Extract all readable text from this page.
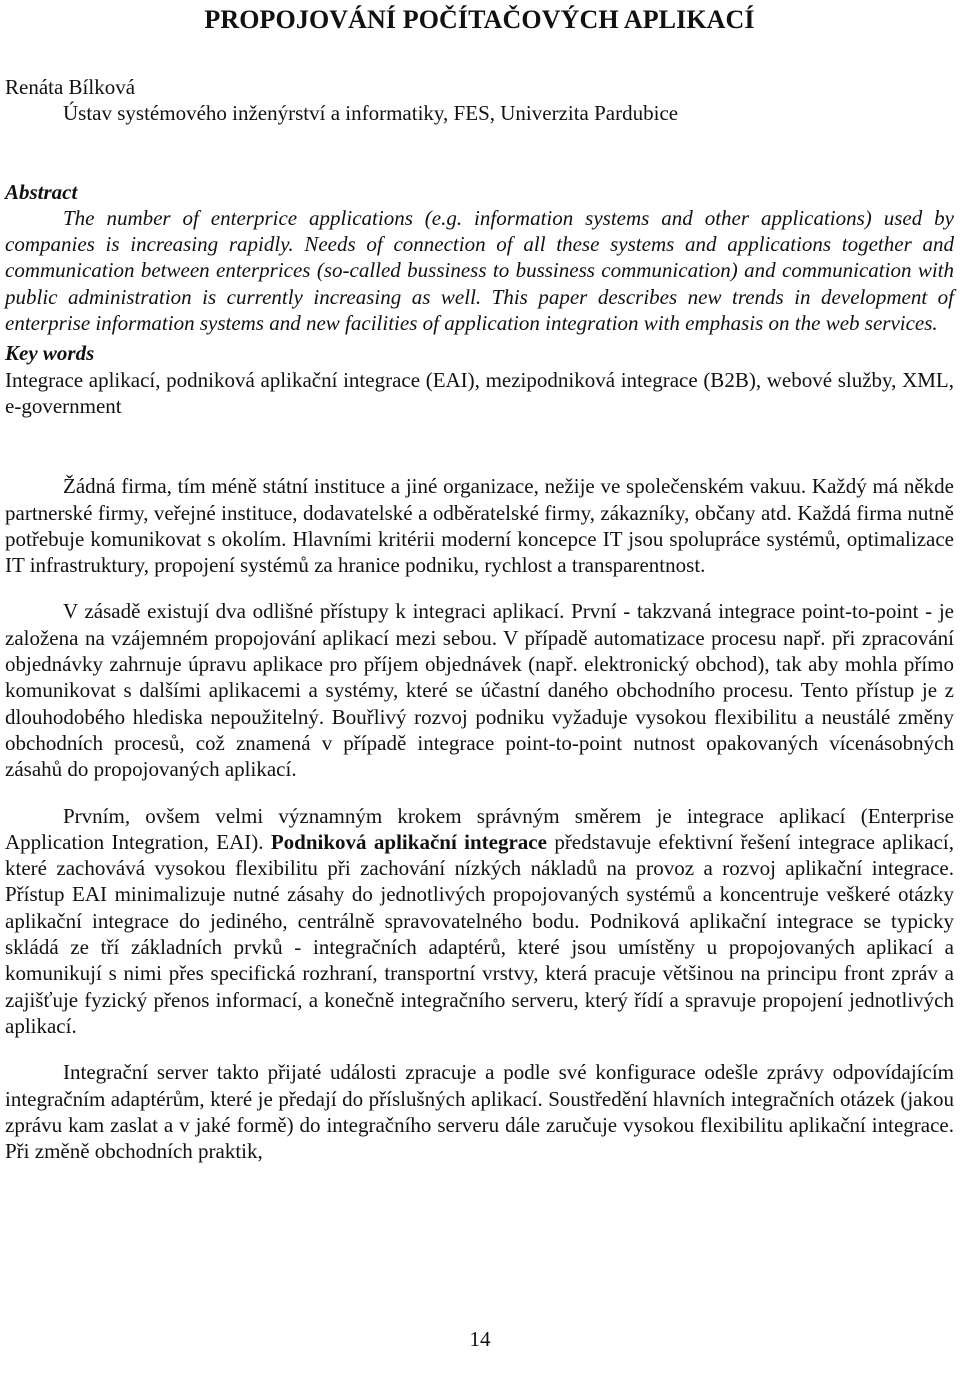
PROPOJOVÁNÍ POČÍTAČOVÝCH APLIKACÍ

Renáta Bílková

Ústav systémového inženýrství a informatiky, FES, Univerzita Pardubice

Abstract

The number of enterprice applications (e.g. information systems and other applications) used by companies is increasing rapidly. Needs of connection of all these systems and applications together and communication between enterprices (so-called bussiness to bussiness communication) and communication with public administration is currently increasing as well. This paper describes new trends in development of enterprise information systems and new facilities of application integration with emphasis on the web services.

Key words

Integrace aplikací, podniková aplikační integrace (EAI), mezipodniková integrace (B2B), webové služby, XML, e-government

Žádná firma, tím méně státní instituce a jiné organizace, nežije ve společenském vakuu. Každý má někde partnerské firmy, veřejné instituce, dodavatelské a odběratelské firmy, zákazníky, občany atd. Každá firma nutně potřebuje komunikovat s okolím. Hlavními kritérii moderní koncepce IT jsou spolupráce systémů, optimalizace IT infrastruktury, propojení systémů za hranice podniku, rychlost a transparentnost.

V zásadě existují dva odlišné přístupy k integraci aplikací. První - takzvaná integrace point-to-point - je založena na vzájemném propojování aplikací mezi sebou. V případě automatizace procesu např. při zpracování objednávky zahrnuje úpravu aplikace pro příjem objednávek (např. elektronický obchod), tak aby mohla přímo komunikovat s dalšími aplikacemi a systémy, které se účastní daného obchodního procesu. Tento přístup je z dlouhodobého hlediska nepoužitelný. Bouřlivý rozvoj podniku vyžaduje vysokou flexibilitu a neustálé změny obchodních procesů, což znamená v případě integrace point-to-point nutnost opakovaných vícenásobných zásahů do propojovaných aplikací.

Prvním, ovšem velmi významným krokem správným směrem je integrace aplikací (Enterprise Application Integration, EAI). Podniková aplikační integrace představuje efektivní řešení integrace aplikací, které zachovává vysokou flexibilitu při zachování nízkých nákladů na provoz a rozvoj aplikační integrace. Přístup EAI minimalizuje nutné zásahy do jednotlivých propojovaných systémů a koncentruje veškeré otázky aplikační integrace do jediného, centrálně spravovatelného bodu. Podniková aplikační integrace se typicky skládá ze tří základních prvků - integračních adaptérů, které jsou umístěny u propojovaných aplikací a komunikují s nimi přes specifická rozhraní, transportní vrstvy, která pracuje většinou na principu front zpráv a zajišťuje fyzický přenos informací, a konečně integračního serveru, který řídí a spravuje propojení jednotlivých aplikací.

Integrační server takto přijaté události zpracuje a podle své konfigurace odešle zprávy odpovídajícím integračním adaptérům, které je předají do příslušných aplikací. Soustředění hlavních integračních otázek (jakou zprávu kam zaslat a v jaké formě) do integračního serveru dále zaručuje vysokou flexibilitu aplikační integrace. Při změně obchodních praktik,

14
